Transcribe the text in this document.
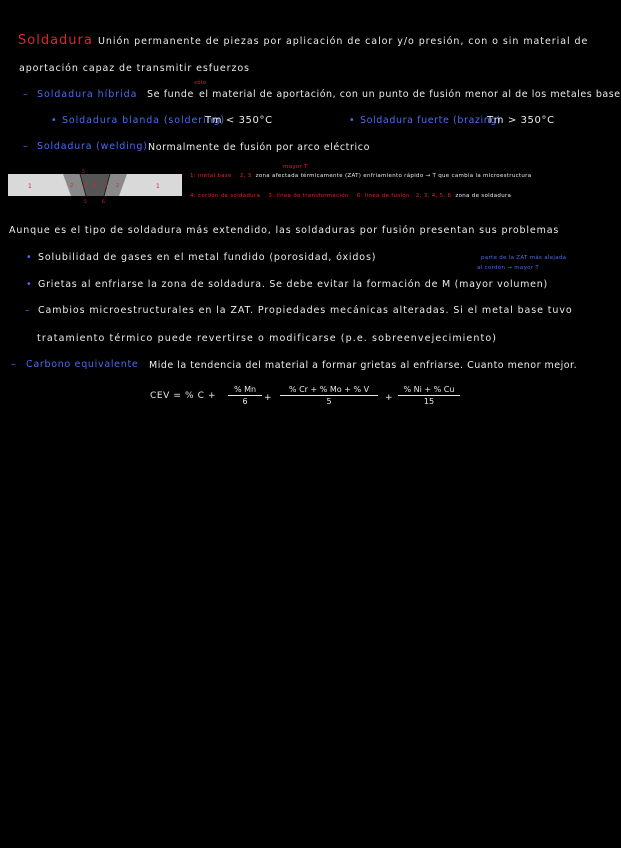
Soldadura Unión permanente de piezas por aplicación de calor y/o presión, con o sin material de
aportación capaz de transmitir esfuerzos
– Soldadura híbrida Se funde
sólo
el material de aportación, con un punto de fusión menor al de los metales base
• Soldadura blanda (soldering)
Tm < 350°C	• Soldadura fuerte (brazing)
Tm > 350°C
– Soldadura (welding) Normalmente de fusión por arco eléctrico
1	2 3 4 3 2	1
5
5	6
mayor T
1: metal base 2, 3 zona afectada térmicamente (ZAT) enfriamiento rápido → T que cambia la microestructura
4: cordón de soldadura 3: línea de transformación 6: línea de fusión 2, 3, 4, 5, 6 zona de soldadura
Aunque es el tipo de soldadura más extendido, las soldaduras por fusión presentan sus problemas
parte de la ZAT más alejada
al cordón → mayor T
• Solubilidad de gases en el metal fundido (porosidad, óxidos)
• Grietas al enfriarse la zona de soldadura. Se debe evitar la formación de M (mayor volumen)
– Cambios microestructurales en la ZAT. Propiedades mecánicas alteradas. Si el metal base tuvo
tratamiento térmico puede revertirse o modificarse (p.e. sobreenvejecimiento)
– Carbono equivalente Mide la tendencia del material a formar grietas al enfriarse. Cuanto menor mejor.
CEV = % $C + \frac{\% Mn}{6} + \frac{\% Cr + \% Mo + \% V}{5} + \frac{\% Ni + \% Cu}{15}$
